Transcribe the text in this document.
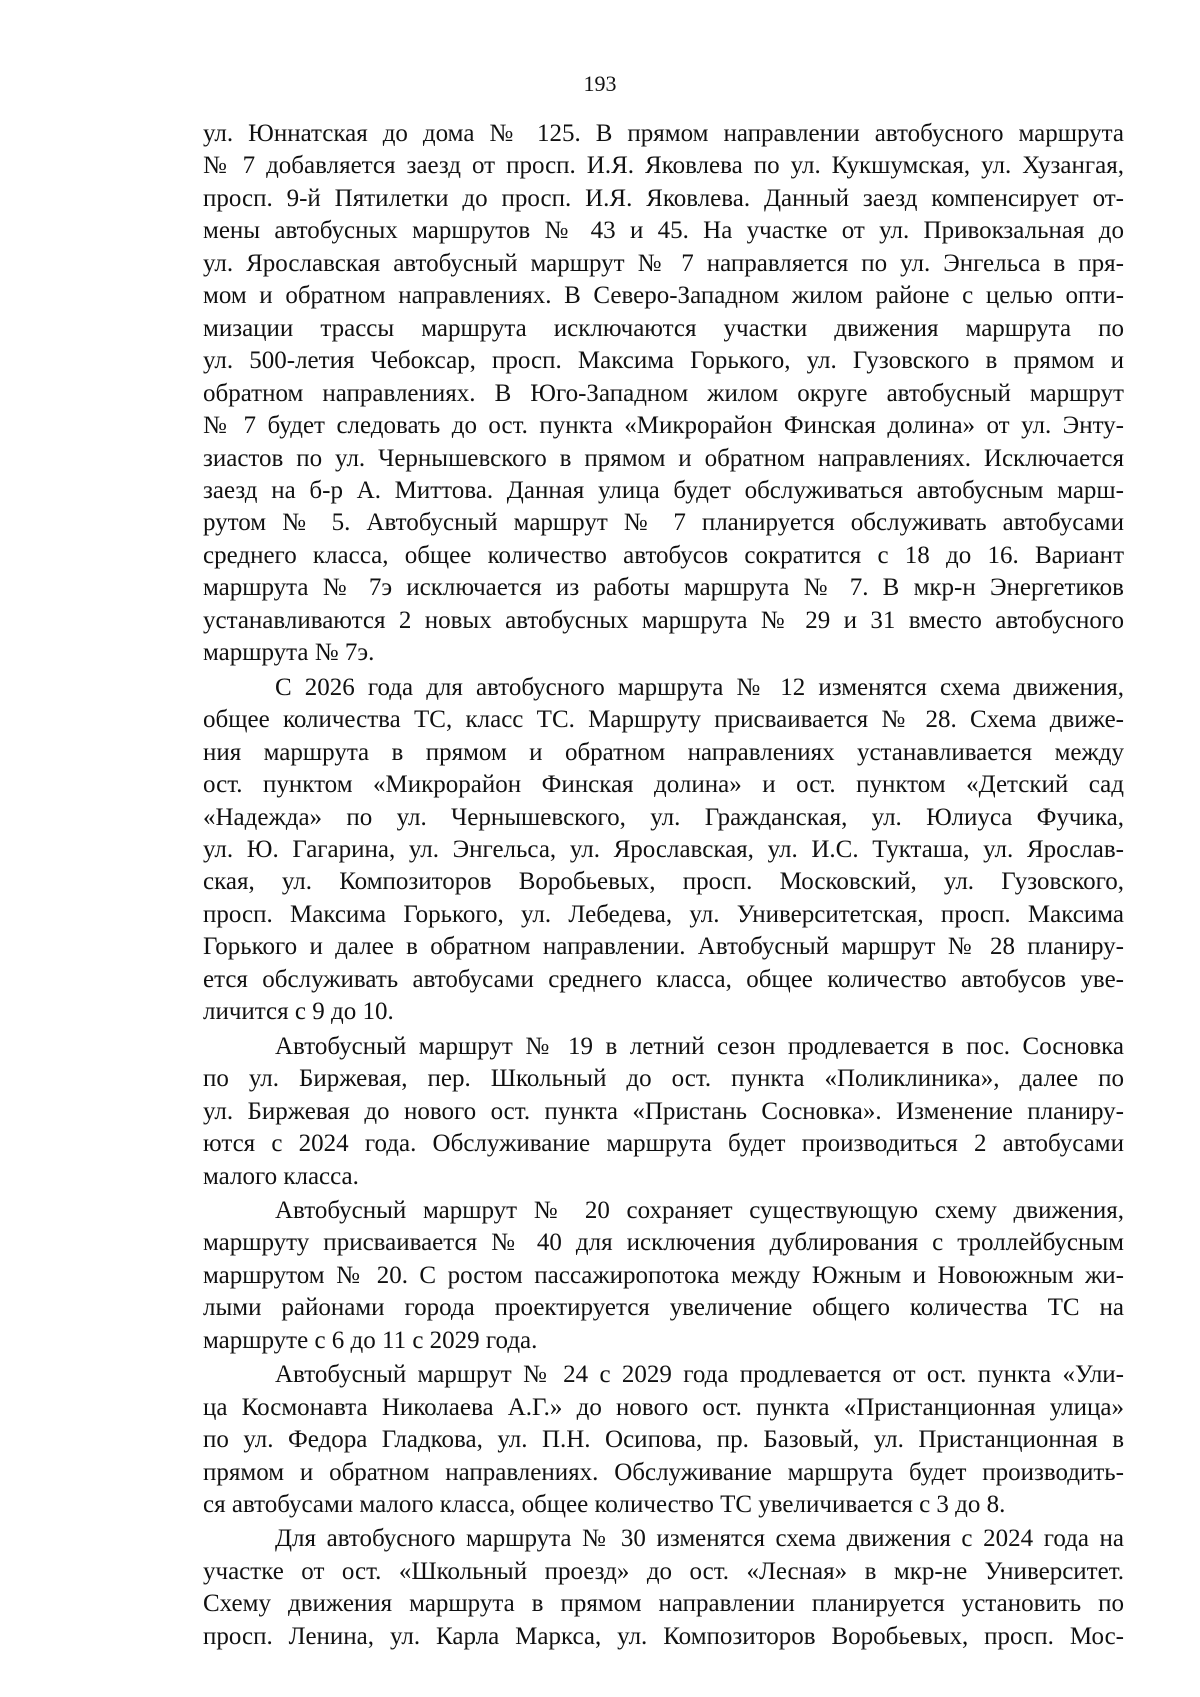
193
ул. Юннатская до дома № 125. В прямом направлении автобусного маршрута
№ 7 добавляется заезд от просп. И.Я. Яковлева по ул. Кукшумская, ул. Хузангая,
просп. 9-й Пятилетки до просп. И.Я. Яковлева. Данный заезд компенсирует от-
мены автобусных маршрутов № 43 и 45. На участке от ул. Привокзальная до
ул. Ярославская автобусный маршрут № 7 направляется по ул. Энгельса в пря-
мом и обратном направлениях. В Северо-Западном жилом районе с целью опти-
мизации трассы маршрута исключаются участки движения маршрута по
ул. 500-летия Чебоксар, просп. Максима Горького, ул. Гузовского в прямом и
обратном направлениях. В Юго-Западном жилом округе автобусный маршрут
№ 7 будет следовать до ост. пункта «Микрорайон Финская долина» от ул. Энту-
зиастов по ул. Чернышевского в прямом и обратном направлениях. Исключается
заезд на б-р А. Миттова. Данная улица будет обслуживаться автобусным марш-
рутом № 5. Автобусный маршрут № 7 планируется обслуживать автобусами
среднего класса, общее количество автобусов сократится с 18 до 16. Вариант
маршрута № 7э исключается из работы маршрута № 7. В мкр-н Энергетиков
устанавливаются 2 новых автобусных маршрута № 29 и 31 вместо автобусного
маршрута № 7э.
С 2026 года для автобусного маршрута № 12 изменятся схема движения,
общее количества ТС, класс ТС. Маршруту присваивается № 28. Схема движе-
ния маршрута в прямом и обратном направлениях устанавливается между
ост. пунктом «Микрорайон Финская долина» и ост. пунктом «Детский сад
«Надежда» по ул. Чернышевского, ул. Гражданская, ул. Юлиуса Фучика,
ул. Ю. Гагарина, ул. Энгельса, ул. Ярославская, ул. И.С. Тукташа, ул. Ярослав-
ская, ул. Композиторов Воробьевых, просп. Московский, ул. Гузовского,
просп. Максима Горького, ул. Лебедева, ул. Университетская, просп. Максима
Горького и далее в обратном направлении. Автобусный маршрут № 28 планиру-
ется обслуживать автобусами среднего класса, общее количество автобусов уве-
личится с 9 до 10.
Автобусный маршрут № 19 в летний сезон продлевается в пос. Сосновка
по ул. Биржевая, пер. Школьный до ост. пункта «Поликлиника», далее по
ул. Биржевая до нового ост. пункта «Пристань Сосновка». Изменение планиру-
ются с 2024 года. Обслуживание маршрута будет производиться 2 автобусами
малого класса.
Автобусный маршрут № 20 сохраняет существующую схему движения,
маршруту присваивается № 40 для исключения дублирования с троллейбусным
маршрутом № 20. С ростом пассажиропотока между Южным и Новоюжным жи-
лыми районами города проектируется увеличение общего количества ТС на
маршруте с 6 до 11 с 2029 года.
Автобусный маршрут № 24 с 2029 года продлевается от ост. пункта «Ули-
ца Космонавта Николаева А.Г.» до нового ост. пункта «Пристанционная улица»
по ул. Федора Гладкова, ул. П.Н. Осипова, пр. Базовый, ул. Пристанционная в
прямом и обратном направлениях. Обслуживание маршрута будет производить-
ся автобусами малого класса, общее количество ТС увеличивается с 3 до 8.
Для автобусного маршрута № 30 изменятся схема движения с 2024 года на
участке от ост. «Школьный проезд» до ост. «Лесная» в мкр-не Университет.
Схему движения маршрута в прямом направлении планируется установить по
просп. Ленина, ул. Карла Маркса, ул. Композиторов Воробьевых, просп. Мос-
